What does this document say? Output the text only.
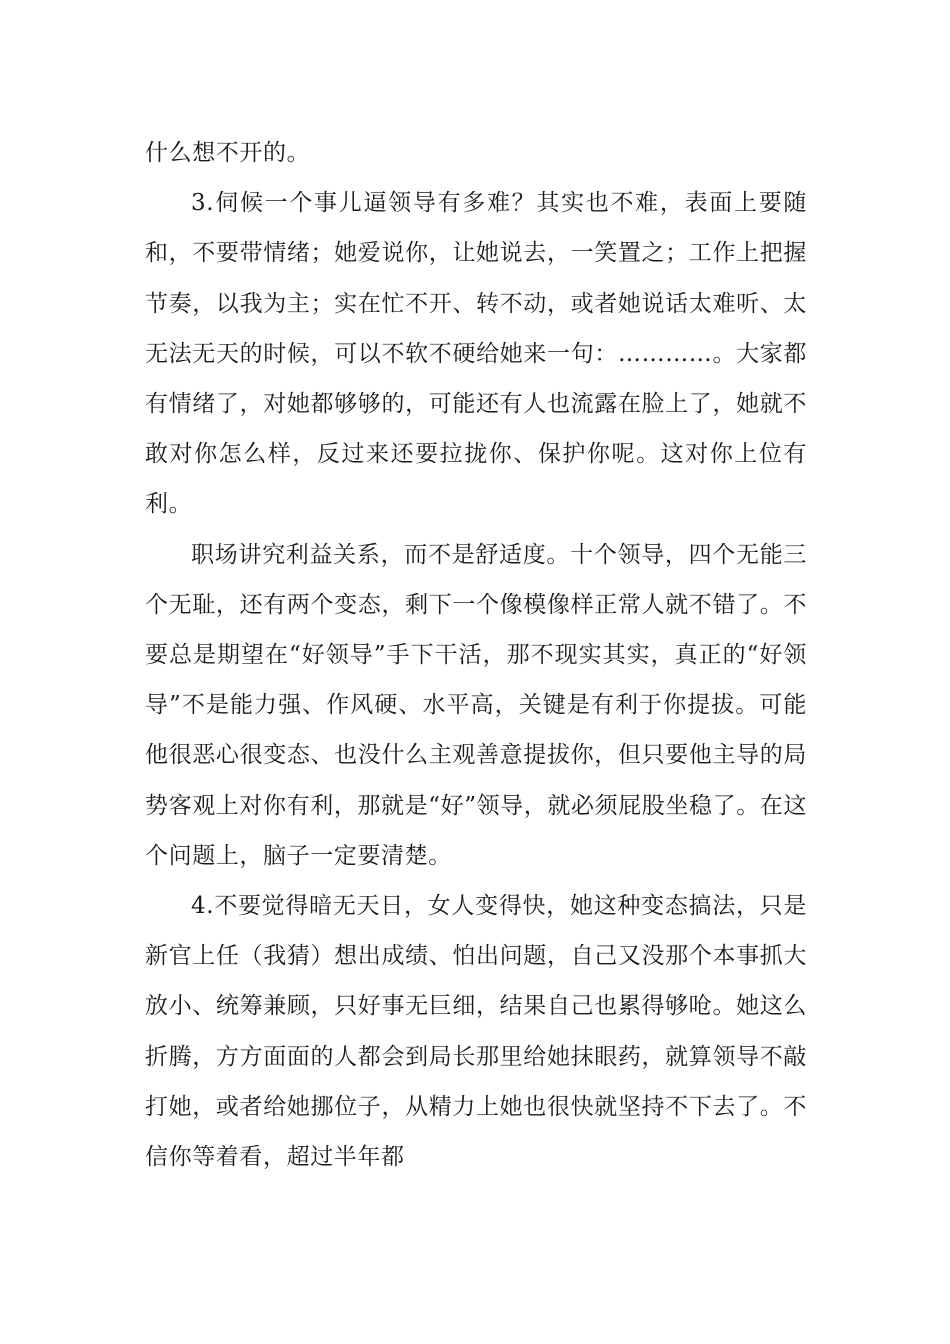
什么想不开的。

3.伺候一个事儿逼领导有多难？其实也不难，表面上要随和，不要带情绪；她爱说你，让她说去，一笑置之；工作上把握节奏，以我为主；实在忙不开、转不动，或者她说话太难听、太无法无天的时候，可以不软不硬给她来一句：…………。大家都有情绪了，对她都够够的，可能还有人也流露在脸上了，她就不敢对你怎么样，反过来还要拉拢你、保护你呢。这对你上位有利。

职场讲究利益关系，而不是舒适度。十个领导，四个无能三个无耻，还有两个变态，剩下一个像模像样正常人就不错了。不要总是期望在“好领导”手下干活，那不现实其实，真正的“好领导”不是能力强、作风硬、水平高，关键是有利于你提拔。可能他很恶心很变态、也没什么主观善意提拔你，但只要他主导的局势客观上对你有利，那就是“好”领导，就必须屁股坐稳了。在这个问题上，脑子一定要清楚。

4.不要觉得暗无天日，女人变得快，她这种变态搞法，只是新官上任（我猜）想出成绩、怕出问题，自己又没那个本事抓大放小、统筹兼顾，只好事无巨细，结果自己也累得够呛。她这么折腾，方方面面的人都会到局长那里给她抹眼药，就算领导不敲打她，或者给她挪位子，从精力上她也很快就坚持不下去了。不信你等着看，超过半年都
